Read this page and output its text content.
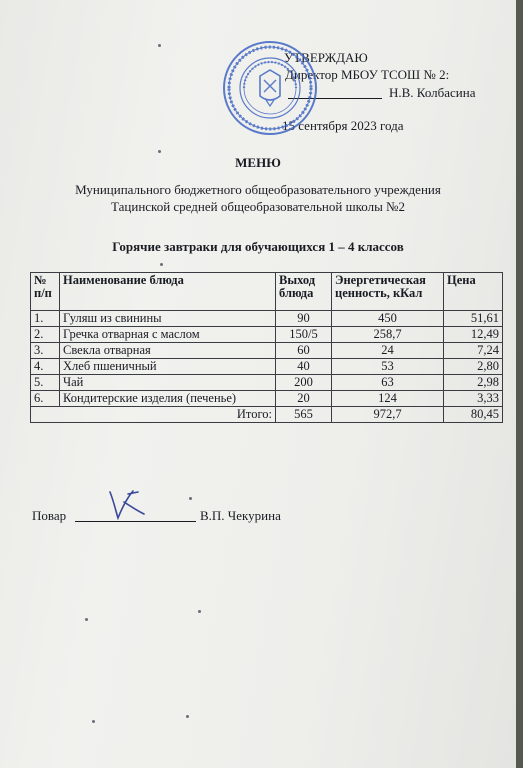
УТВЕРЖДАЮ
Директор МБОУ ТСОШ № 2:
Н.В. Колбасина
15 сентября 2023 года
МЕНЮ
Муниципального бюджетного общеобразовательного учреждения
Тацинской средней общеобразовательной школы №2
Горячие завтраки для обучающихся 1 – 4 классов
№ п/п	Наименование блюда	Выход блюда	Энергетическая ценность, кКал	Цена
1.	Гуляш из свинины	90	450	51,61
2.	Гречка отварная с маслом	150/5	258,7	12,49
3.	Свекла отварная	60	24	7,24
4.	Хлеб пшеничный	40	53	2,80
5.	Чай	200	63	2,98
6.	Кондитерские изделия (печенье)	20	124	3,33
Итого:		565	972,7	80,45
Повар	В.П. Чекурина
